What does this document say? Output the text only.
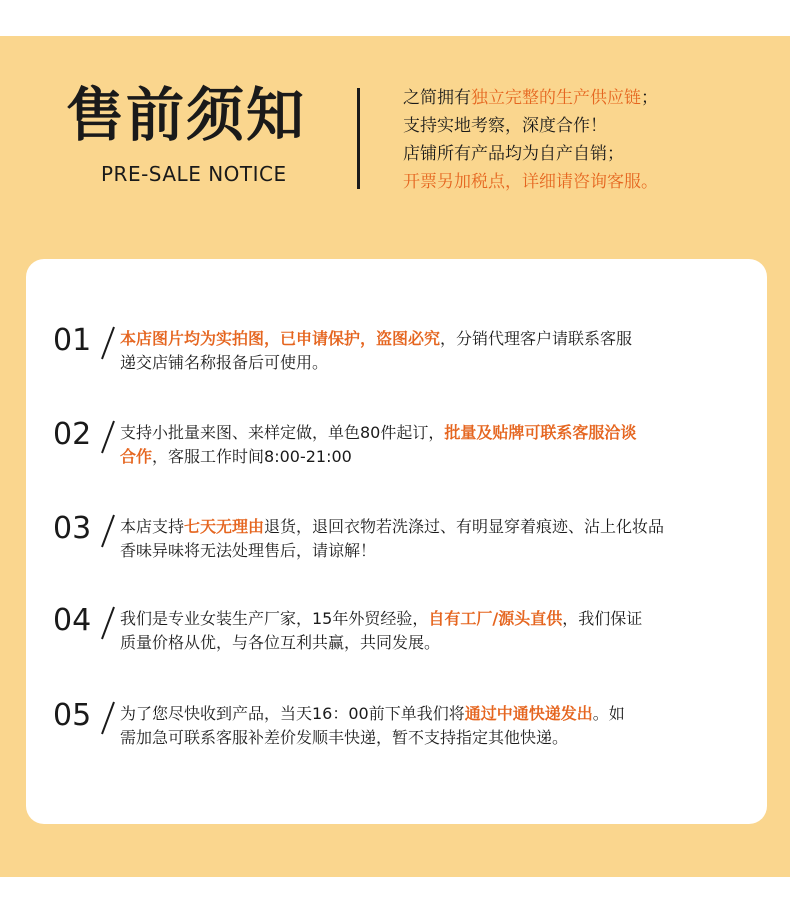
售前须知
PRE-SALE NOTICE
之简拥有独立完整的生产供应链；
支持实地考察，深度合作！
店铺所有产品均为自产自销；
开票另加税点，详细请咨询客服。
01 本店图片均为实拍图，已申请保护，盗图必究，分销代理客户请联系客服
递交店铺名称报备后可使用。
02 支持小批量来图、来样定做，单色80件起订，批量及贴牌可联系客服洽谈
合作，客服工作时间8:00-21:00
03 本店支持七天无理由退货，退回衣物若洗涤过、有明显穿着痕迹、沾上化妆品
香味异味将无法处理售后，请谅解！
04 我们是专业女装生产厂家，15年外贸经验，自有工厂/源头直供，我们保证
质量价格从优，与各位互利共赢，共同发展。
05 为了您尽快收到产品，当天16：00前下单我们将通过中通快递发出。如
需加急可联系客服补差价发顺丰快递，暂不支持指定其他快递。
